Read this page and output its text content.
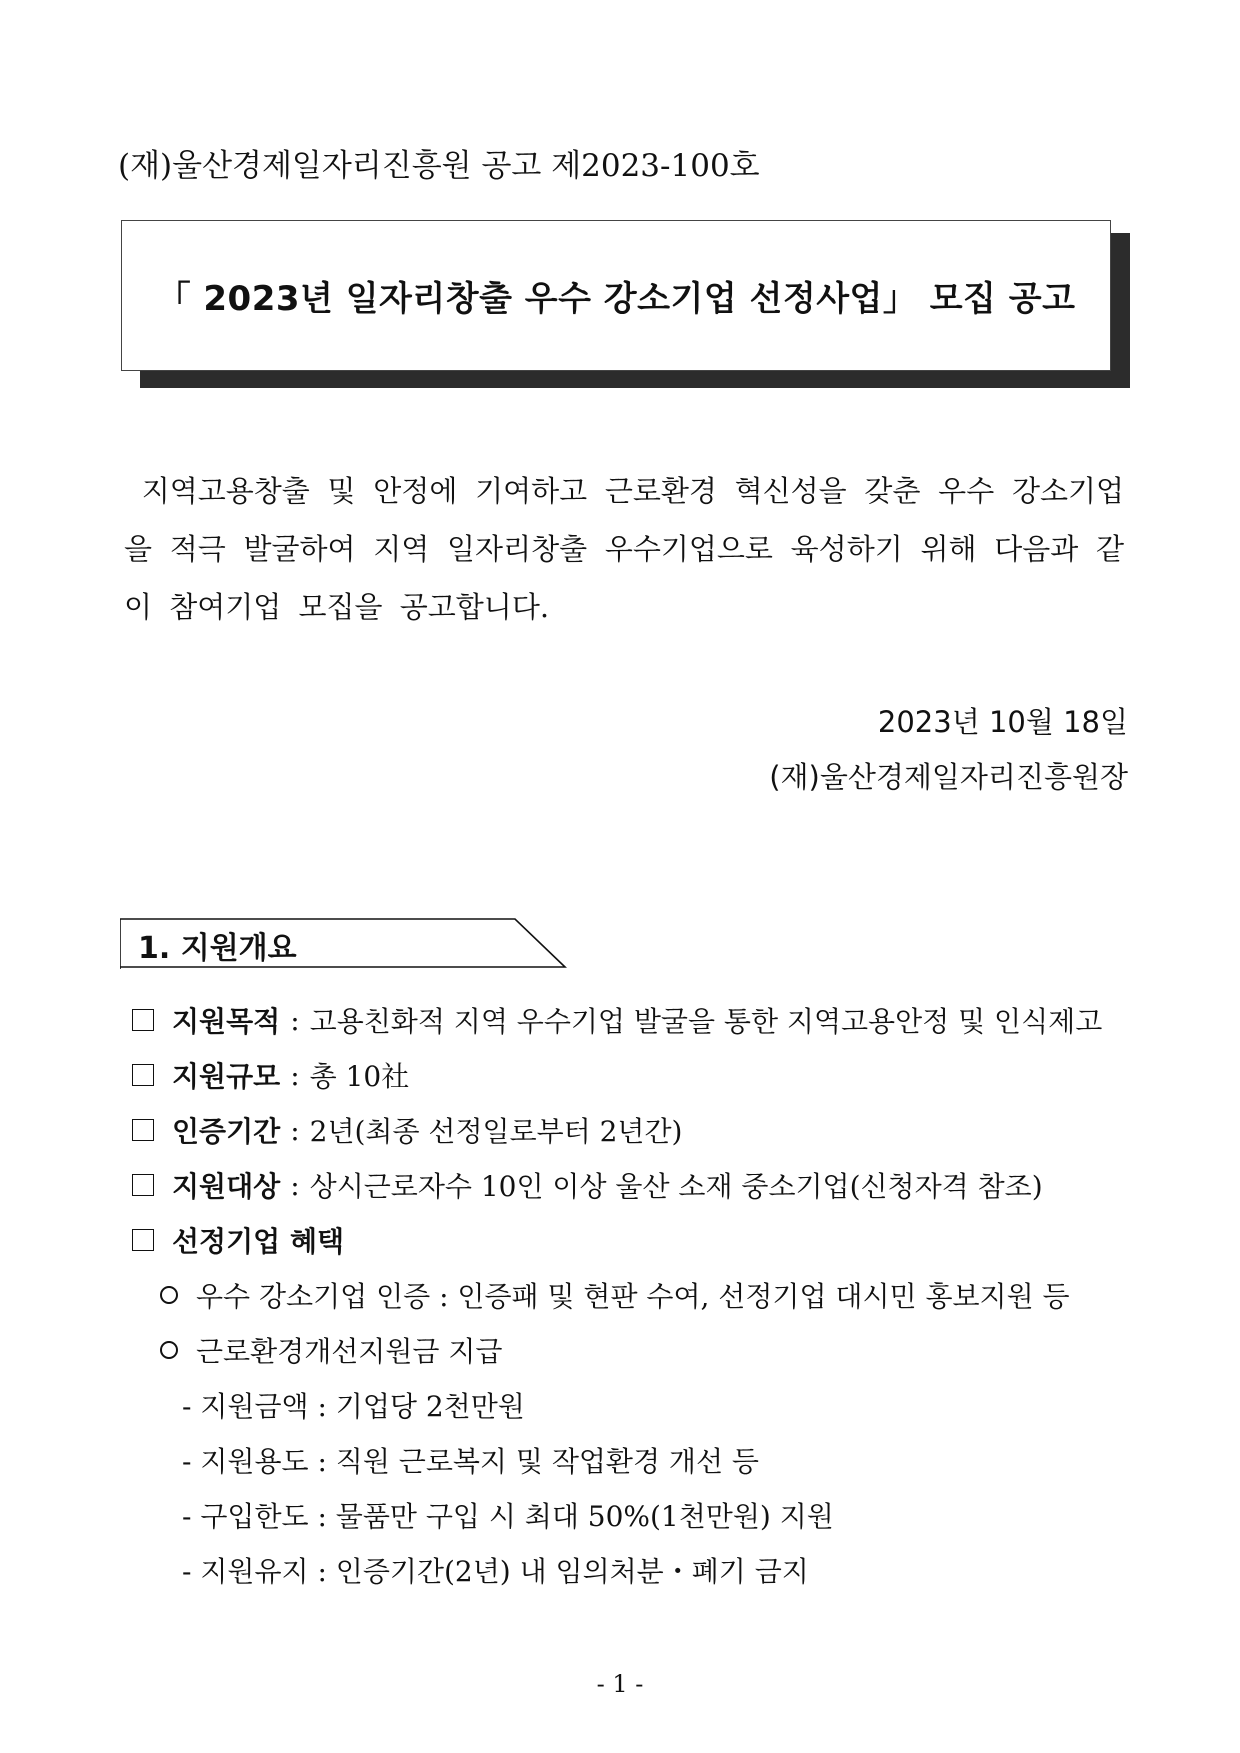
(재)울산경제일자리진흥원 공고 제2023-100호
「 2023년 일자리창출 우수 강소기업 선정사업」 모집 공고
지역고용창출 및 안정에 기여하고 근로환경 혁신성을 갖춘 우수 강소기업을 적극 발굴하여 지역 일자리창출 우수기업으로 육성하기 위해 다음과 같이 참여기업 모집을 공고합니다.
2023년 10월 18일
(재)울산경제일자리진흥원장
1. 지원개요
지원목적 : 고용친화적 지역 우수기업 발굴을 통한 지역고용안정 및 인식제고
지원규모 : 총 10社
인증기간 : 2년(최종 선정일로부터 2년간)
지원대상 : 상시근로자수 10인 이상 울산 소재 중소기업(신청자격 참조)
선정기업 혜택
우수 강소기업 인증 : 인증패 및 현판 수여, 선정기업 대시민 홍보지원 등
근로환경개선지원금 지급
- 지원금액 : 기업당 2천만원
- 지원용도 : 직원 근로복지 및 작업환경 개선 등
- 구입한도 : 물품만 구입 시 최대 50%(1천만원) 지원
- 지원유지 : 인증기간(2년) 내 임의처분・폐기 금지
- 1 -
